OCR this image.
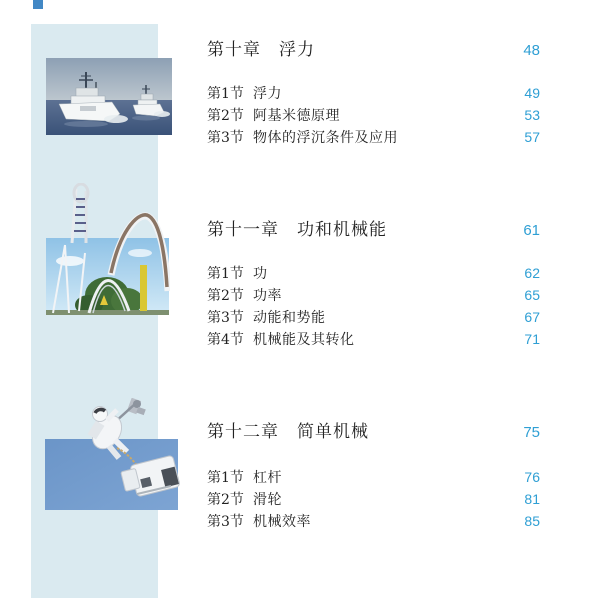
第十章　浮力	48
第1节 浮力	49
第2节 阿基米德原理	53
第3节 物体的浮沉条件及应用	57
第十一章　功和机械能	61
第1节 功	62
第2节 功率	65
第3节 动能和势能	67
第4节 机械能及其转化	71
第十二章　简单机械	75
第1节 杠杆	76
第2节 滑轮	81
第3节 机械效率	85
